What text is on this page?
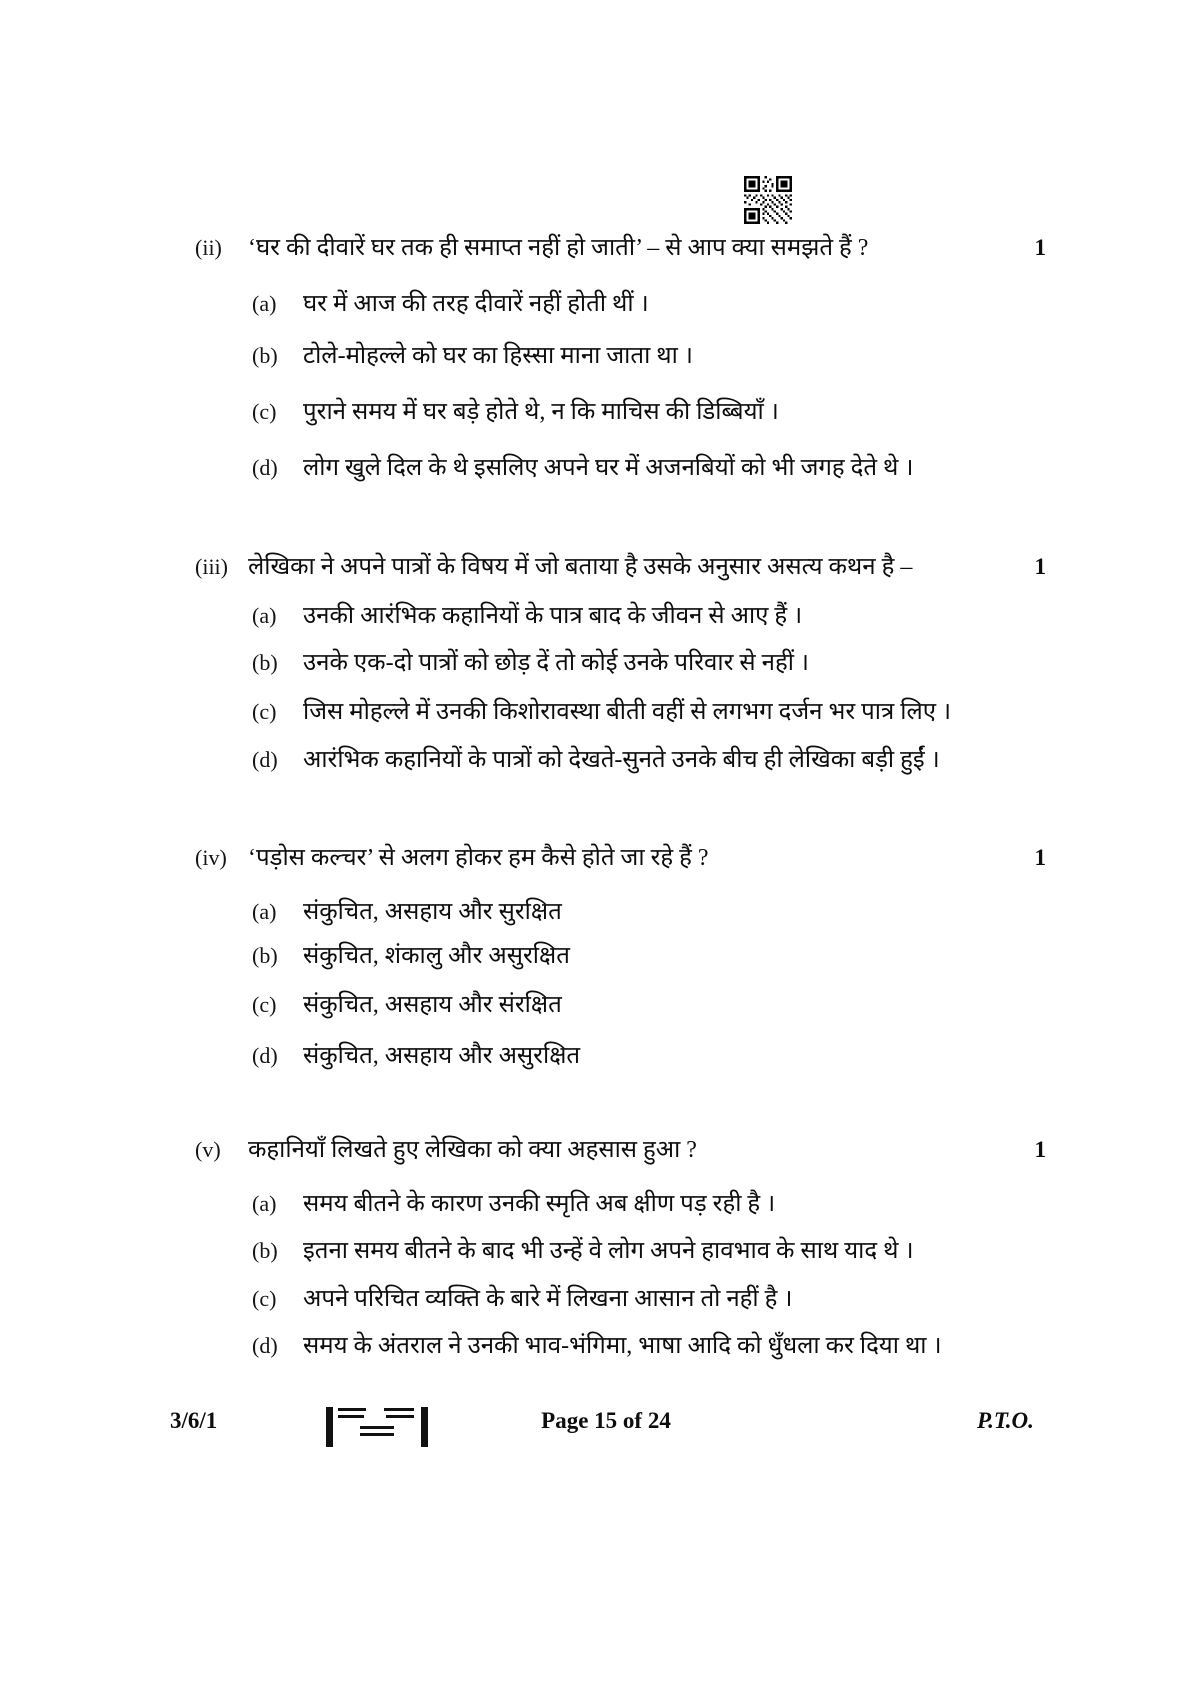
(ii)	‘घर की दीवारें घर तक ही समाप्त नहीं हो जाती’ – से आप क्या समझते हैं ?	1
(a)	घर में आज की तरह दीवारें नहीं होती थीं ।
(b)	टोले-मोहल्ले को घर का हिस्सा माना जाता था ।
(c)	पुराने समय में घर बड़े होते थे, न कि माचिस की डिब्बियाँ ।
(d)	लोग खुले दिल के थे इसलिए अपने घर में अजनबियों को भी जगह देते थे ।
(iii) लेखिका ने अपने पात्रों के विषय में जो बताया है उसके अनुसार असत्य कथन है –	1
(a)	उनकी आरंभिक कहानियों के पात्र बाद के जीवन से आए हैं ।
(b)	उनके एक-दो पात्रों को छोड़ दें तो कोई उनके परिवार से नहीं ।
(c)	जिस मोहल्ले में उनकी किशोरावस्था बीती वहीं से लगभग दर्जन भर पात्र लिए ।
(d)	आरंभिक कहानियों के पात्रों को देखते-सुनते उनके बीच ही लेखिका बड़ी हुईं ।
(iv) ‘पड़ोस कल्चर’ से अलग होकर हम कैसे होते जा रहे हैं ?	1
(a)	संकुचित, असहाय और सुरक्षित
(b)	संकुचित, शंकालु और असुरक्षित
(c)	संकुचित, असहाय और संरक्षित
(d)	संकुचित, असहाय और असुरक्षित
(v)	कहानियाँ लिखते हुए लेखिका को क्या अहसास हुआ ?	1
(a)	समय बीतने के कारण उनकी स्मृति अब क्षीण पड़ रही है ।
(b)	इतना समय बीतने के बाद भी उन्हें वे लोग अपने हावभाव के साथ याद थे ।
(c)	अपने परिचित व्यक्ति के बारे में लिखना आसान तो नहीं है ।
(d)	समय के अंतराल ने उनकी भाव-भंगिमा, भाषा आदि को धुँधला कर दिया था ।
3/6/1	Page 15 of 24	P.T.O.
